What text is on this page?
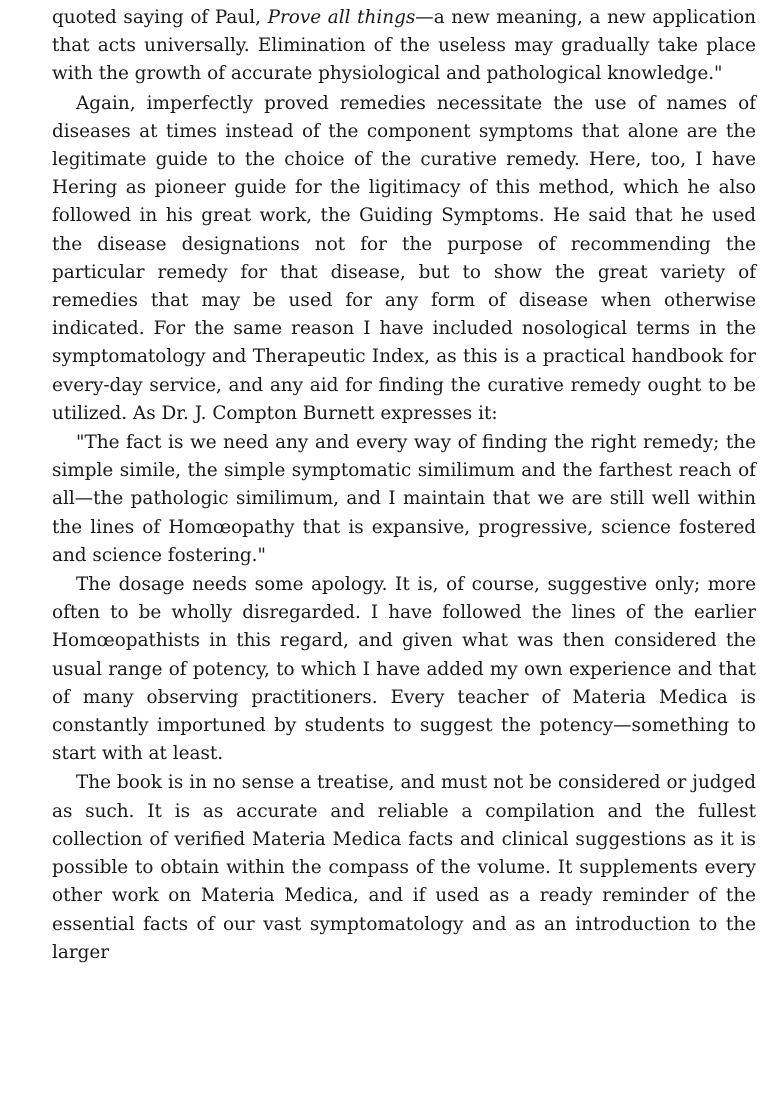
quoted saying of Paul, Prove all things—a new meaning, a new application that acts universally. Elimination of the useless may gradually take place with the growth of accurate physiological and pathological knowledge."

Again, imperfectly proved remedies necessitate the use of names of diseases at times instead of the component symptoms that alone are the legitimate guide to the choice of the curative remedy. Here, too, I have Hering as pioneer guide for the ligitimacy of this method, which he also followed in his great work, the Guiding Symptoms. He said that he used the disease designations not for the purpose of recommending the particular remedy for that disease, but to show the great variety of remedies that may be used for any form of disease when otherwise indicated. For the same reason I have included nosological terms in the symptomatology and Therapeutic Index, as this is a practical handbook for every-day service, and any aid for finding the curative remedy ought to be utilized. As Dr. J. Compton Burnett expresses it:

"The fact is we need any and every way of finding the right remedy; the simple simile, the simple symptomatic similimum and the farthest reach of all—the pathologic similimum, and I maintain that we are still well within the lines of Homœopathy that is expansive, progressive, science fostered and science fostering."

The dosage needs some apology. It is, of course, suggestive only; more often to be wholly disregarded. I have followed the lines of the earlier Homœopathists in this regard, and given what was then considered the usual range of potency, to which I have added my own experience and that of many observing practitioners. Every teacher of Materia Medica is constantly importuned by students to suggest the potency—something to start with at least.

The book is in no sense a treatise, and must not be considered or judged as such. It is as accurate and reliable a compilation and the fullest collection of verified Materia Medica facts and clinical suggestions as it is possible to obtain within the compass of the volume. It supplements every other work on Materia Medica, and if used as a ready reminder of the essential facts of our vast symptomatology and as an introduction to the larger
